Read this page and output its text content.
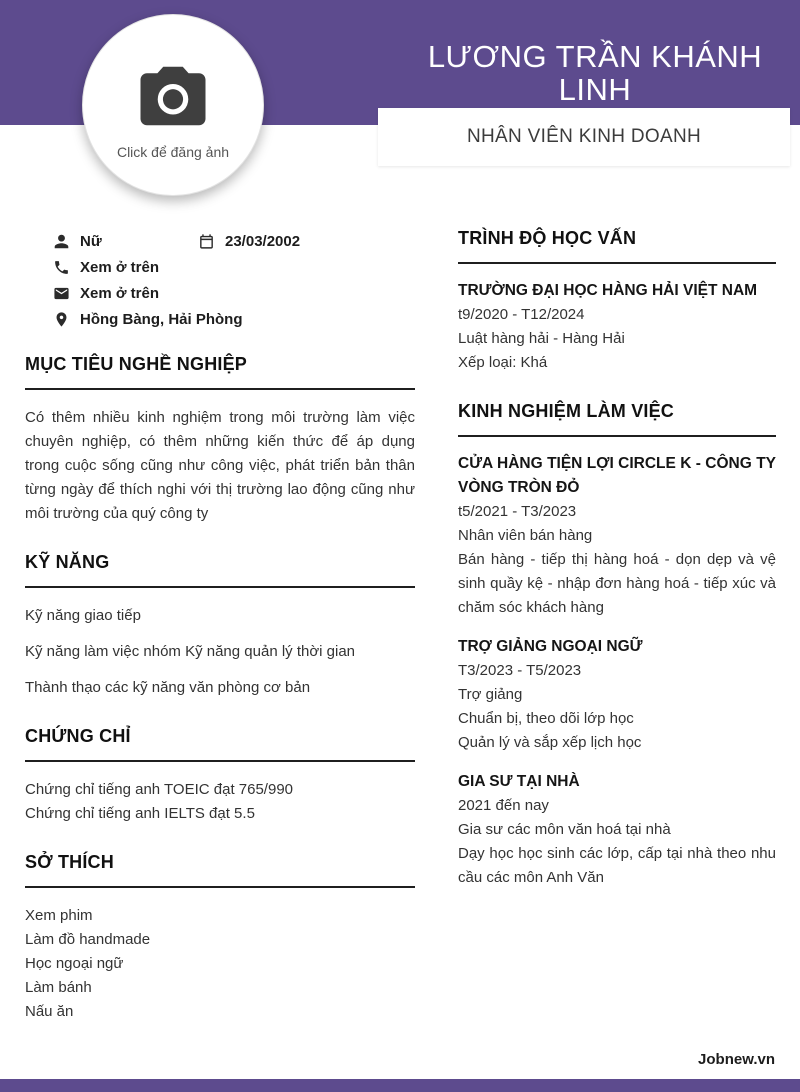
LƯƠNG TRẦN KHÁNH
LINH
NHÂN VIÊN KINH DOANH
Click để đăng ảnh
Nữ	23/03/2002
Xem ở trên
Xem ở trên
Hồng Bàng, Hải Phòng
MỤC TIÊU NGHỀ NGHIỆP

Có thêm nhiều kinh nghiệm trong môi trường làm việc chuyên nghiệp, có thêm những kiến thức để áp dụng trong cuộc sống cũng như công việc, phát triển bản thân từng ngày để thích nghi với thị trường lao động cũng như môi trường của quý công ty

KỸ NĂNG
Kỹ năng giao tiếp
Kỹ năng làm việc nhóm Kỹ năng quản lý thời gian
Thành thạo các kỹ năng văn phòng cơ bản
CHỨNG CHỈ
Chứng chỉ tiếng anh TOEIC đạt 765/990
Chứng chỉ tiếng anh IELTS đạt 5.5
SỞ THÍCH
Xem phim
Làm đồ handmade
Học ngoại ngữ
Làm bánh
Nấu ăn
TRÌNH ĐỘ HỌC VẤN
TRƯỜNG ĐẠI HỌC HÀNG HẢI VIỆT NAM
t9/2020 - T12/2024
Luật hàng hải - Hàng Hải
Xếp loại: Khá
KINH NGHIỆM LÀM VIỆC
CỬA HÀNG TIỆN LỢI CIRCLE K - CÔNG TY VÒNG TRÒN ĐỎ
t5/2021 - T3/2023
Nhân viên bán hàng
Bán hàng - tiếp thị hàng hoá - dọn dẹp và vệ sinh quầy kệ - nhập đơn hàng hoá - tiếp xúc và chăm sóc khách hàng
TRỢ GIẢNG NGOẠI NGỮ
T3/2023 - T5/2023
Trợ giảng
Chuẩn bị, theo dõi lớp học
Quản lý và sắp xếp lịch học
GIA SƯ TẠI NHÀ
2021 đến nay
Gia sư các môn văn hoá tại nhà
Dạy học học sinh các lớp, cấp tại nhà theo nhu cầu các môn Anh Văn
Jobnew.vn
